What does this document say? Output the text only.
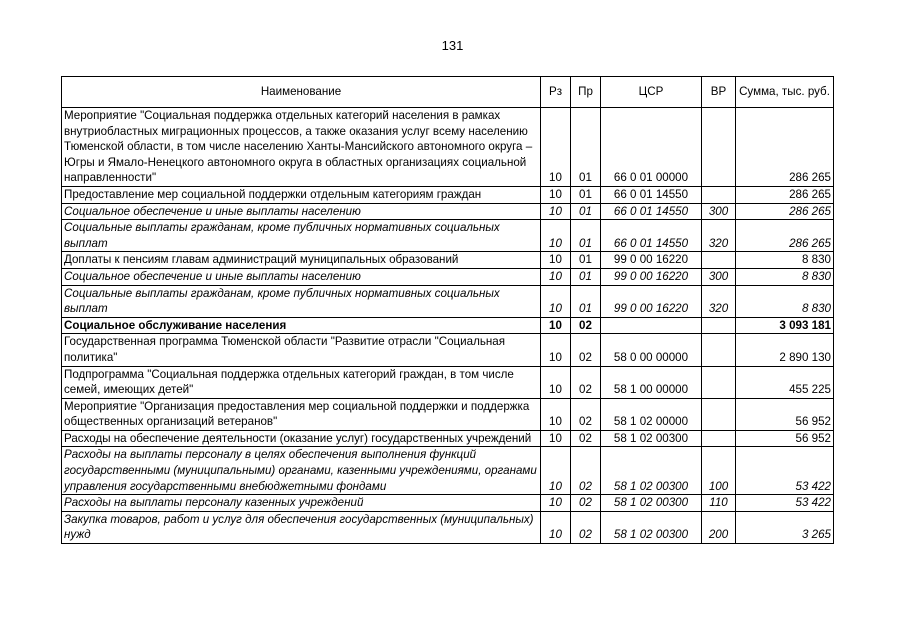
131
Наименование	Рз	Пр	ЦСР	ВР	Сумма, тыс. руб.
Мероприятие "Социальная поддержка отдельных категорий населения в рамках внутриобластных миграционных процессов, а также оказания услуг всему населению Тюменской области, в том числе населению Ханты-Мансийского автономного округа – Югры и Ямало-Ненецкого автономного округа в областных организациях социальной направленности"	10	01	66 0 01 00000		286 265
Предоставление мер социальной поддержки отдельным категориям граждан	10	01	66 0 01 14550		286 265
Социальное обеспечение и иные выплаты населению	10	01	66 0 01 14550	300	286 265
Социальные выплаты гражданам, кроме публичных нормативных социальных выплат	10	01	66 0 01 14550	320	286 265
Доплаты к пенсиям главам администраций муниципальных образований	10	01	99 0 00 16220		8 830
Социальное обеспечение и иные выплаты населению	10	01	99 0 00 16220	300	8 830
Социальные выплаты гражданам, кроме публичных нормативных социальных выплат	10	01	99 0 00 16220	320	8 830
Социальное обслуживание населения	10	02			3 093 181
Государственная программа Тюменской области "Развитие отрасли "Социальная политика"	10	02	58 0 00 00000		2 890 130
Подпрограмма "Социальная поддержка отдельных категорий граждан, в том числе семей, имеющих детей"	10	02	58 1 00 00000		455 225
Мероприятие "Организация предоставления мер социальной поддержки и поддержка общественных организаций ветеранов"	10	02	58 1 02 00000		56 952
Расходы на обеспечение деятельности (оказание услуг) государственных учреждений	10	02	58 1 02 00300		56 952
Расходы на выплаты персоналу в целях обеспечения выполнения функций государственными (муниципальными) органами, казенными учреждениями, органами управления государственными внебюджетными фондами	10	02	58 1 02 00300	100	53 422
Расходы на выплаты персоналу казенных учреждений	10	02	58 1 02 00300	110	53 422
Закупка товаров, работ и услуг для обеспечения государственных (муниципальных) нужд	10	02	58 1 02 00300	200	3 265
